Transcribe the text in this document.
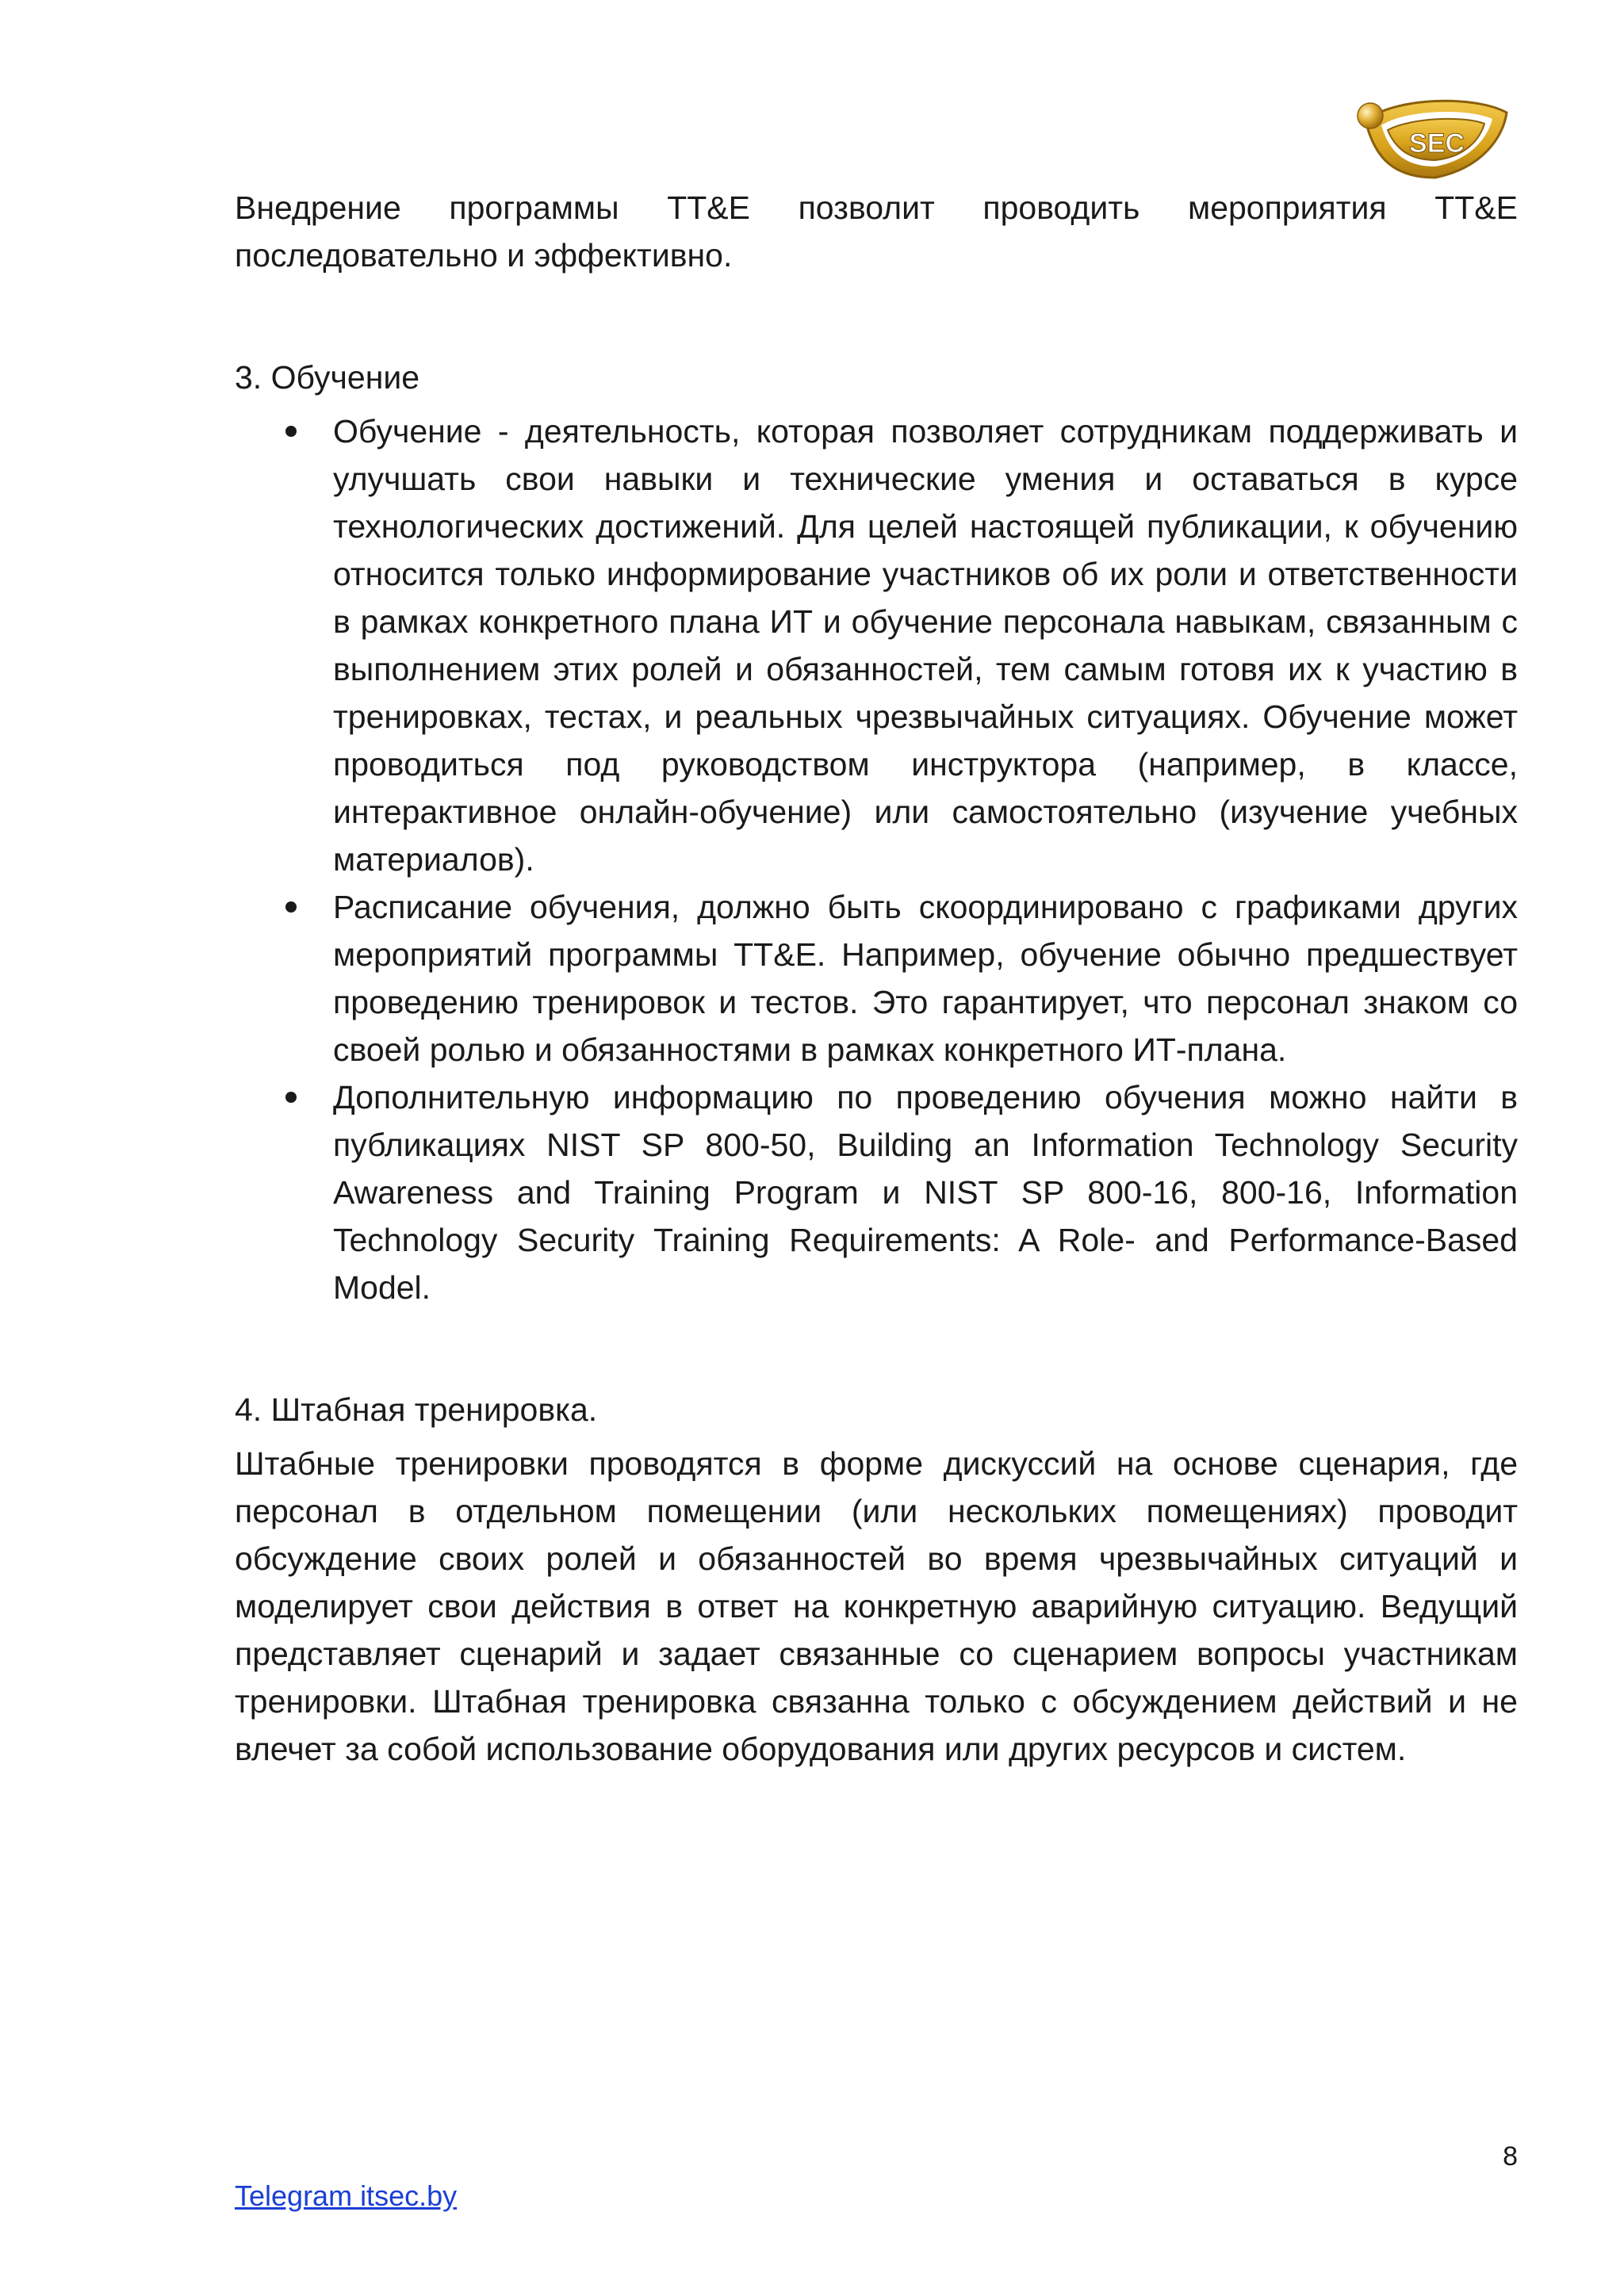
SEC

Внедрение программы TT&E позволит проводить мероприятия TT&E последовательно и эффективно.

3. Обучение

Обучение - деятельность, которая позволяет сотрудникам поддерживать и улучшать свои навыки и технические умения и оставаться в курсе технологических достижений. Для целей настоящей публикации, к обучению относится только информирование участников об их роли и ответственности в рамках конкретного плана ИТ и обучение персонала навыкам, связанным с выполнением этих ролей и обязанностей, тем самым готовя их к участию в тренировках, тестах, и реальных чрезвычайных ситуациях. Обучение может проводиться под руководством инструктора (например, в классе, интерактивное онлайн-обучение) или самостоятельно (изучение учебных материалов).
Расписание обучения, должно быть скоординировано с графиками других мероприятий программы TT&E. Например, обучение обычно предшествует проведению тренировок и тестов. Это гарантирует, что персонал знаком со своей ролью и обязанностями в рамках конкретного ИТ-плана.
Дополнительную информацию по проведению обучения можно найти в публикациях NIST SP 800-50, Building an Information Technology Security Awareness and Training Program и NIST SP 800-16, 800-16, Information Technology Security Training Requirements: A Role- and Performance-Based Model.

4. Штабная тренировка.

Штабные тренировки проводятся в форме дискуссий на основе сценария, где персонал в отдельном помещении (или нескольких помещениях) проводит обсуждение своих ролей и обязанностей во время чрезвычайных ситуаций и моделирует свои действия в ответ на конкретную аварийную ситуацию. Ведущий представляет сценарий и задает связанные со сценарием вопросы участникам тренировки. Штабная тренировка связанна только с обсуждением действий и не влечет за собой использование оборудования или других ресурсов и систем.

8
Telegram itsec.by
